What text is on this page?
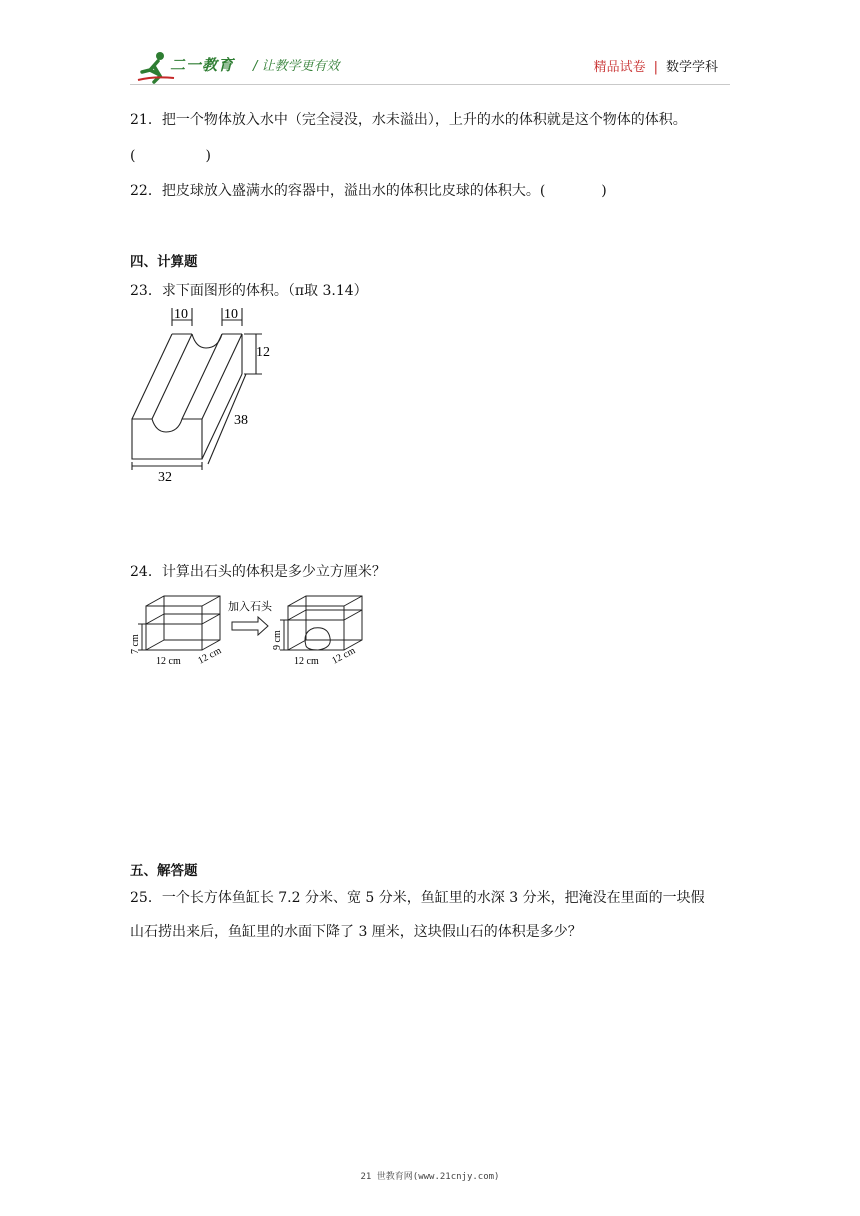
二一教育 / 让教学更有效	精品试卷 | 数学学科
21．把一个物体放入水中（完全浸没，水未溢出），上升的水的体积就是这个物体的体积。
(　　　　　)
22．把皮球放入盛满水的容器中，溢出水的体积比皮球的体积大。(　　　　)
四、计算题
23．求下面图形的体积。（π取 3.14）
10	10
12
38
32
24．计算出石头的体积是多少立方厘米？
加入石头
7 cm
12 cm 12 cm
9 cm
12 cm 12 cm
五、解答题
25．一个长方体鱼缸长 7.2 分米、宽 5 分米，鱼缸里的水深 3 分米，把淹没在里面的一块假
山石捞出来后，鱼缸里的水面下降了 3 厘米，这块假山石的体积是多少？
21 世教育网(www.21cnjy.com)
